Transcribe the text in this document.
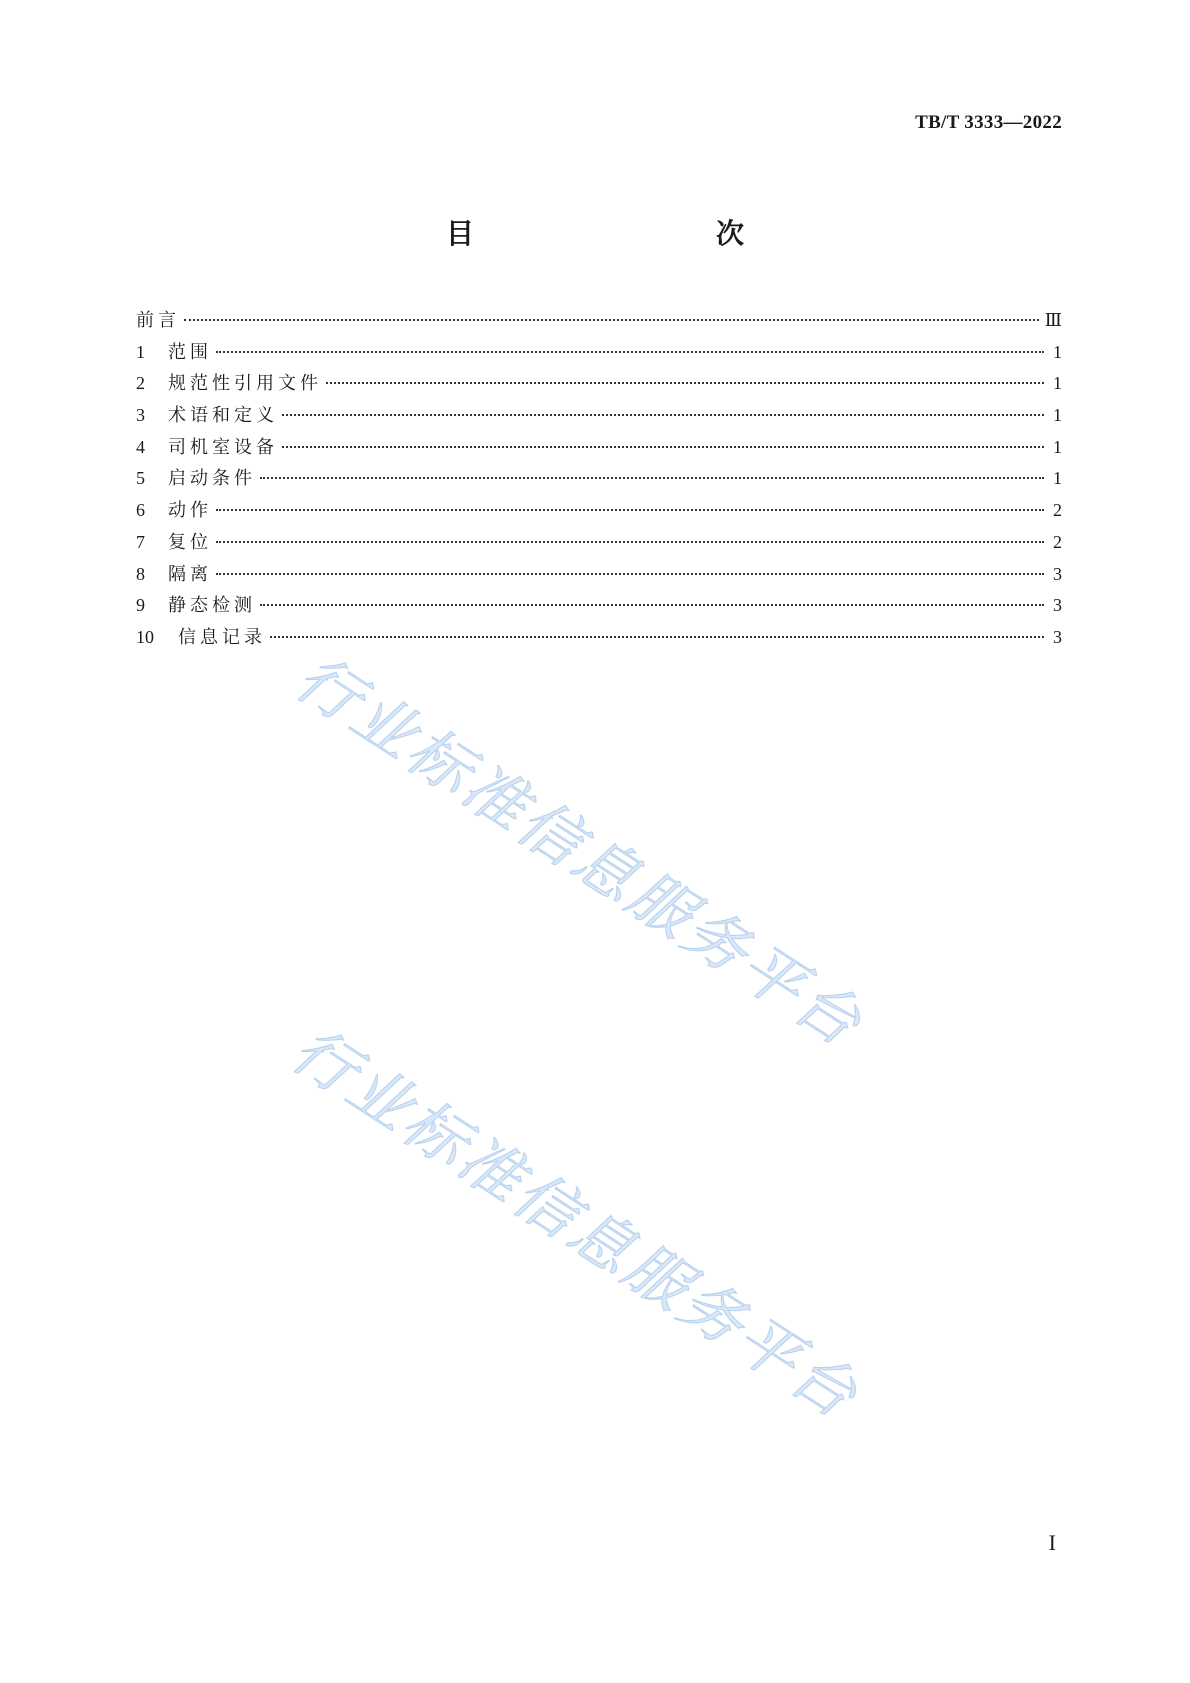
TB/T 3333—2022
目　　次
前言	Ⅲ
1	范围	1
2	规范性引用文件	1
3	术语和定义	1
4	司机室设备	1
5	启动条件	1
6	动作	2
7	复位	2
8	隔离	3
9	静态检测	3
10	信息记录	3
行业标准信息服务平台
行业标准信息服务平台
I
